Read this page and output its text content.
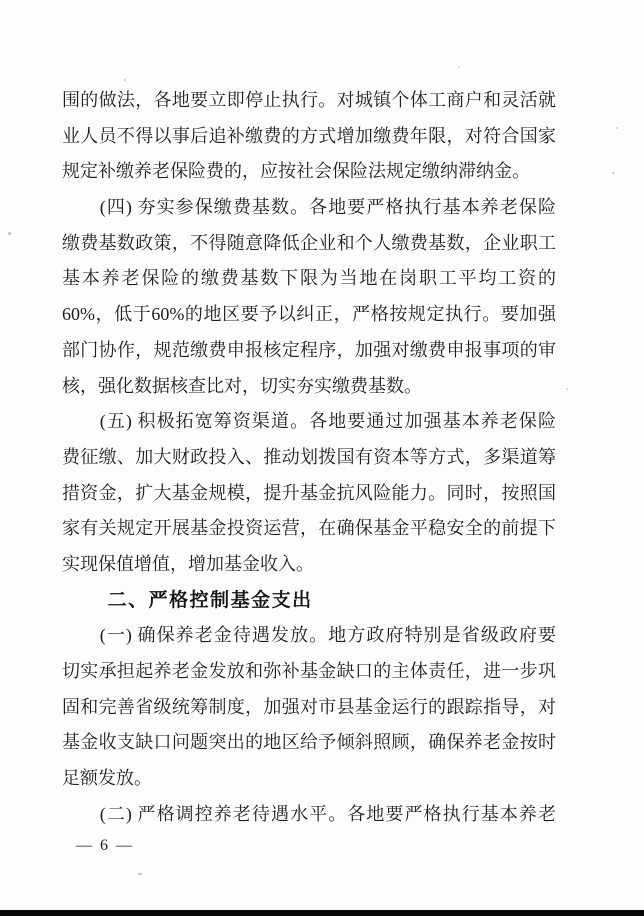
围的做法，各地要立即停止执行。对城镇个体工商户和灵活就
业人员不得以事后追补缴费的方式增加缴费年限，对符合国家
规定补缴养老保险费的，应按社会保险法规定缴纳滞纳金。
(四) 夯实参保缴费基数。各地要严格执行基本养老保险
缴费基数政策，不得随意降低企业和个人缴费基数，企业职工
基本养老保险的缴费基数下限为当地在岗职工平均工资的
60%，低于60%的地区要予以纠正，严格按规定执行。要加强
部门协作，规范缴费申报核定程序，加强对缴费申报事项的审
核，强化数据核查比对，切实夯实缴费基数。
(五) 积极拓宽筹资渠道。各地要通过加强基本养老保险
费征缴、加大财政投入、推动划拨国有资本等方式，多渠道筹
措资金，扩大基金规模，提升基金抗风险能力。同时，按照国
家有关规定开展基金投资运营，在确保基金平稳安全的前提下
实现保值增值，增加基金收入。
二、严格控制基金支出
(一) 确保养老金待遇发放。地方政府特别是省级政府要
切实承担起养老金发放和弥补基金缺口的主体责任，进一步巩
固和完善省级统筹制度，加强对市县基金运行的跟踪指导，对
基金收支缺口问题突出的地区给予倾斜照顾，确保养老金按时
足额发放。
(二) 严格调控养老待遇水平。各地要严格执行基本养老
— 6 —
